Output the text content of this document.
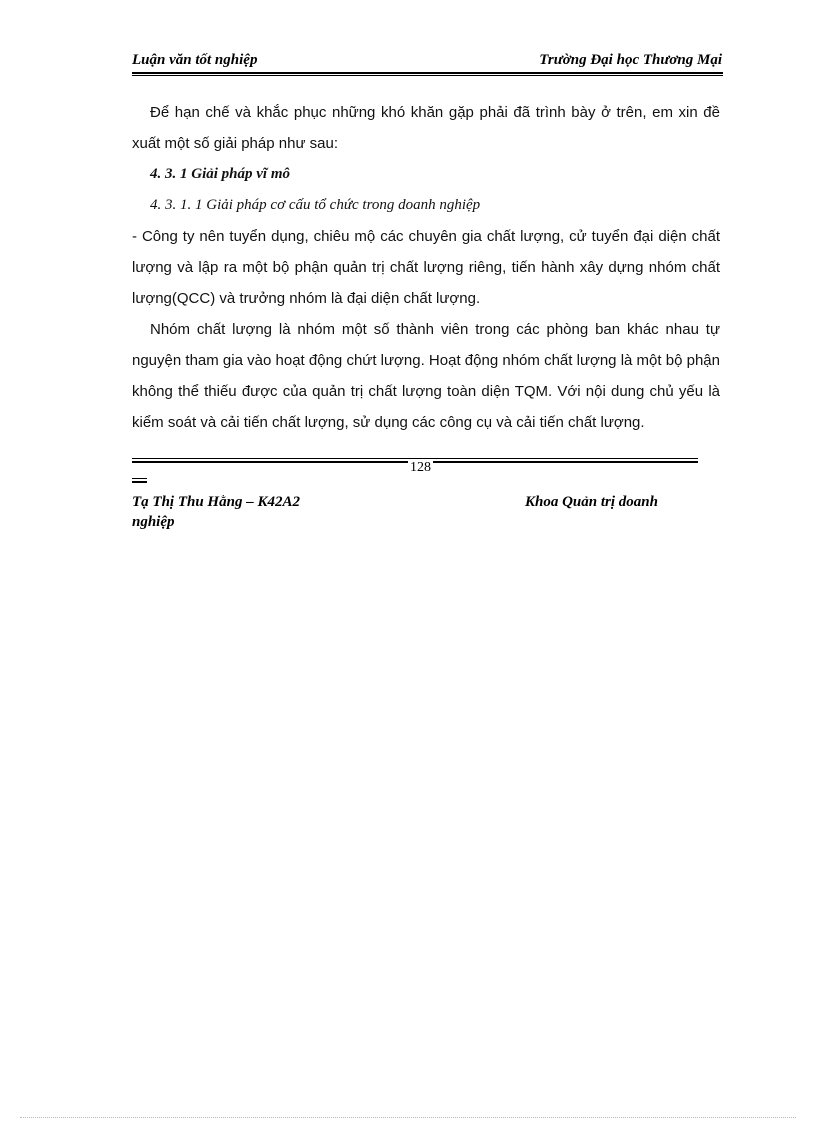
Luận văn tốt nghiệp	Trường Đại học Thương Mại

Để hạn chế và khắc phục những khó khăn gặp phải đã trình bày ở trên, em xin đề xuất một số giải pháp như sau:

4. 3. 1 Giải pháp vĩ mô

4. 3. 1. 1 Giải pháp cơ cấu tổ chức trong doanh nghiệp

- Công ty nên tuyển dụng, chiêu mộ các chuyên gia chất lượng, cử tuyển đại diện chất lượng và lập ra một bộ phận quản trị chất lượng riêng, tiến hành xây dựng nhóm chất lượng(QCC) và trưởng nhóm là đại diện chất lượng.

Nhóm chất lượng là nhóm một số thành viên trong các phòng ban khác nhau tự nguyện tham gia vào hoạt động chứt lượng. Hoạt động nhóm chất lượng là một bộ phận không thể thiếu được của quản trị chất lượng toàn diện TQM. Với nội dung chủ yếu là kiểm soát và cải tiến chất lượng, sử dụng các công cụ và cải tiến chất lượng.

128
Tạ Thị Thu Hằng – K42A2
nghiệp
Khoa Quản trị doanh
